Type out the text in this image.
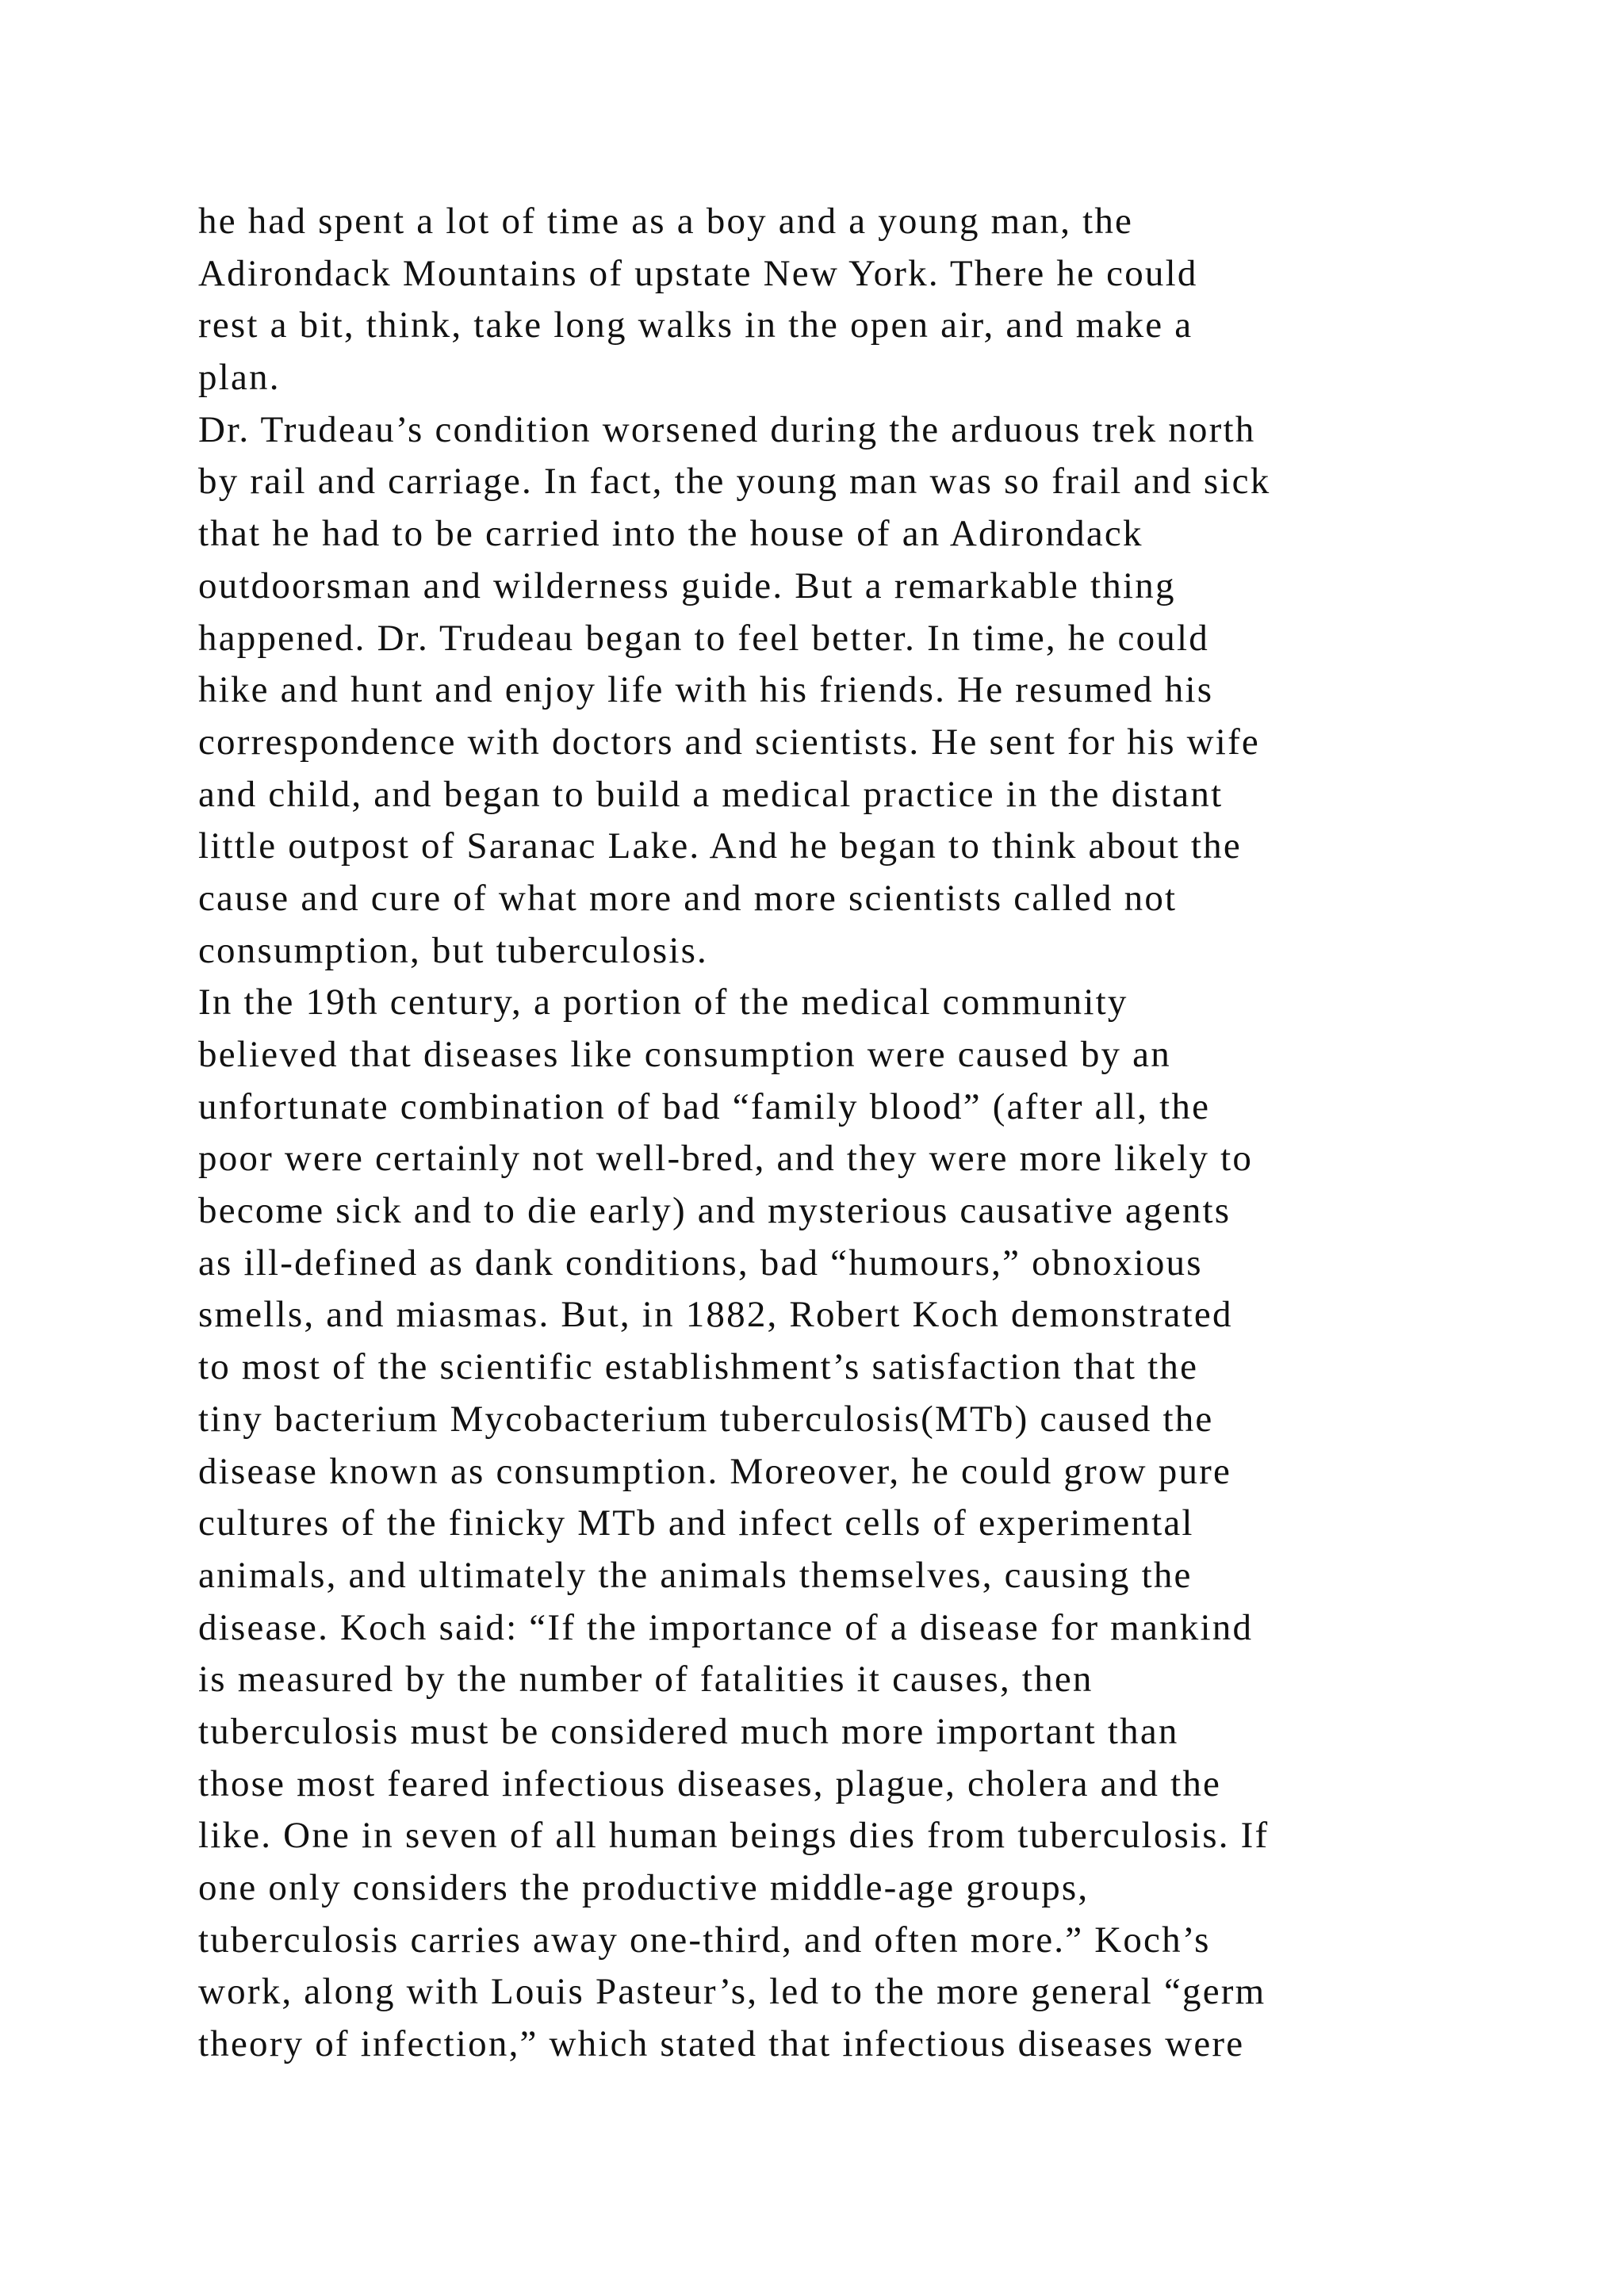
he had spent a lot of time as a boy and a young man, the
Adirondack Mountains of upstate New York. There he could
rest a bit, think, take long walks in the open air, and make a
plan.
Dr. Trudeau’s condition worsened during the arduous trek north
by rail and carriage. In fact, the young man was so frail and sick
that he had to be carried into the house of an Adirondack
outdoorsman and wilderness guide. But a remarkable thing
happened. Dr. Trudeau began to feel better. In time, he could
hike and hunt and enjoy life with his friends. He resumed his
correspondence with doctors and scientists. He sent for his wife
and child, and began to build a medical practice in the distant
little outpost of Saranac Lake. And he began to think about the
cause and cure of what more and more scientists called not
consumption, but tuberculosis.
In the 19th century, a portion of the medical community
believed that diseases like consumption were caused by an
unfortunate combination of bad “family blood” (after all, the
poor were certainly not well-bred, and they were more likely to
become sick and to die early) and mysterious causative agents
as ill-defined as dank conditions, bad “humours,” obnoxious
smells, and miasmas. But, in 1882, Robert Koch demonstrated
to most of the scientific establishment’s satisfaction that the
tiny bacterium Mycobacterium tuberculosis(MTb) caused the
disease known as consumption. Moreover, he could grow pure
cultures of the finicky MTb and infect cells of experimental
animals, and ultimately the animals themselves, causing the
disease. Koch said: “If the importance of a disease for mankind
is measured by the number of fatalities it causes, then
tuberculosis must be considered much more important than
those most feared infectious diseases, plague, cholera and the
like. One in seven of all human beings dies from tuberculosis. If
one only considers the productive middle-age groups,
tuberculosis carries away one-third, and often more.” Koch’s
work, along with Louis Pasteur’s, led to the more general “germ
theory of infection,” which stated that infectious diseases were
